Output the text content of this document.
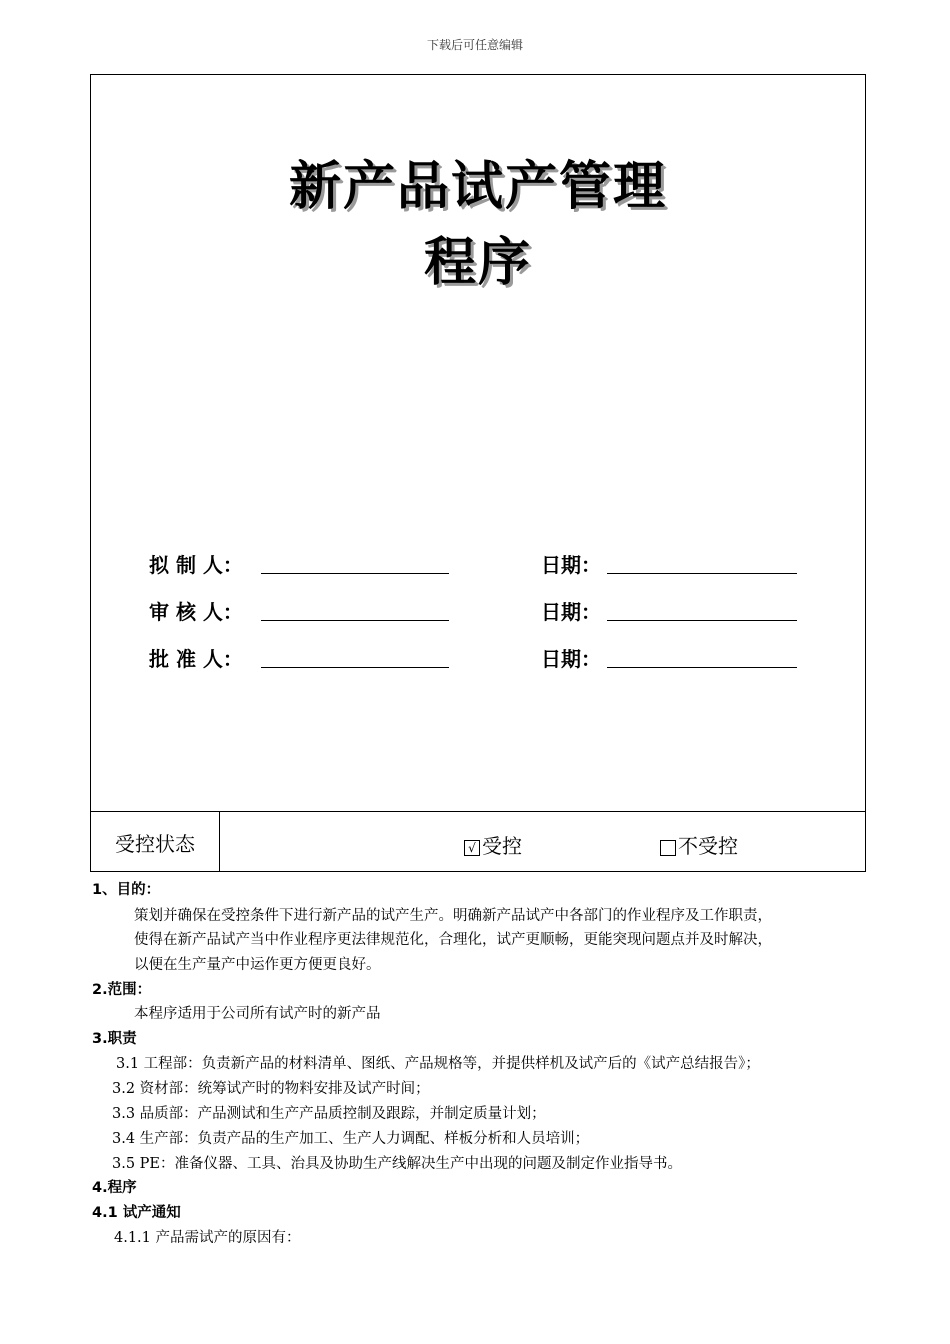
下载后可任意编辑
新产品试产管理
程序
拟 制 人：	日期：
审 核 人：	日期：
批 准 人：	日期：
受控状态	√ 受控	不受控
1、目的：
策划并确保在受控条件下进行新产品的试产生产。明确新产品试产中各部门的作业程序及工作职责，
使得在新产品试产当中作业程序更法律规范化，合理化，试产更顺畅，更能突现问题点并及时解决，
以便在生产量产中运作更方便更良好。
2.范围：
本程序适用于公司所有试产时的新产品
3.职责
3.1 工程部：负责新产品的材料清单、图纸、产品规格等，并提供样机及试产后的《试产总结报告》；
3.2 资材部：统筹试产时的物料安排及试产时间；
3.3 品质部：产品测试和生产产品质控制及跟踪，并制定质量计划；
3.4 生产部：负责产品的生产加工、生产人力调配、样板分析和人员培训；
3.5 PE：准备仪器、工具、治具及协助生产线解决生产中出现的问题及制定作业指导书。
4.程序
4.1 试产通知
4.1.1 产品需试产的原因有：
